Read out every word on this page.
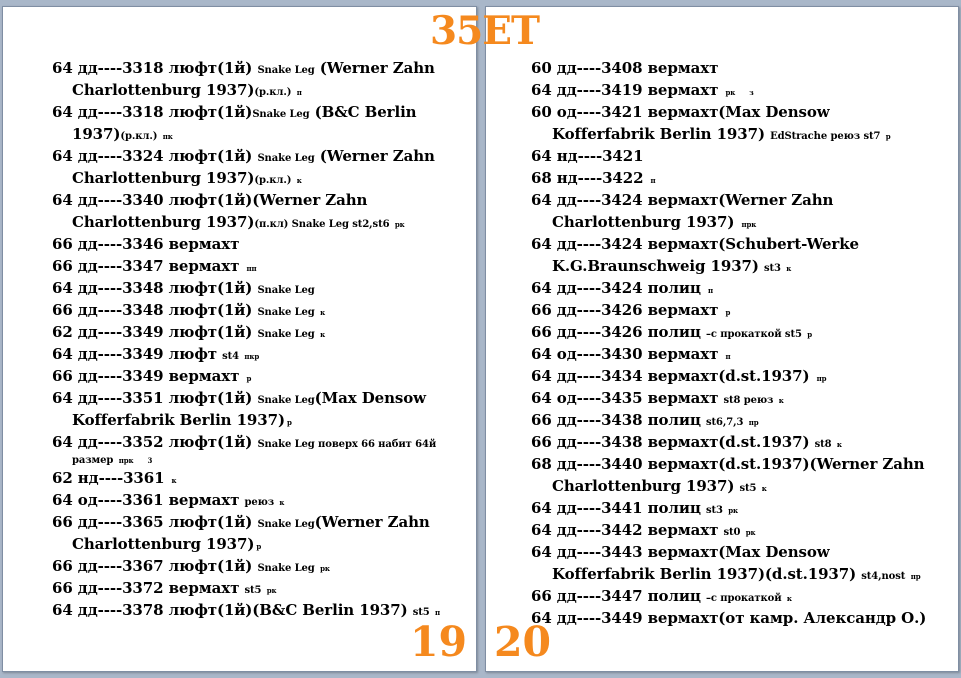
64 дд----3318 люфт(1й) Snake Leg (Werner Zahn
Charlottenburg 1937)(р.кл.) п
64 дд----3318 люфт(1й)Snake Leg (B&C Berlin
1937)(р.кл.) пк
64 дд----3324 люфт(1й) Snake Leg (Werner Zahn
Charlottenburg 1937)(р.кл.) к
64 дд----3340 люфт(1й)(Werner Zahn
Charlottenburg 1937)(п.кл) Snake Leg st2,st6 рк
66 дд----3346 вермахт
66 дд----3347 вермахт пп
64 дд----3348 люфт(1й) Snake Leg
66 дд----3348 люфт(1й) Snake Leg к
62 дд----3349 люфт(1й) Snake Leg к
64 дд----3349 люфт st4 пкр
66 дд----3349 вермахт р
64 дд----3351 люфт(1й) Snake Leg(Max Densow
Kofferfabrik Berlin 1937) р
64 дд----3352 люфт(1й) Snake Leg поверх 66 набит 64й
размер прк 3
62 нд----3361 к
64 од----3361 вермахт реюз к
66 дд----3365 люфт(1й) Snake Leg(Werner Zahn
Charlottenburg 1937) р
66 дд----3367 люфт(1й) Snake Leg рк
66 дд----3372 вермахт st5 рк
64 дд----3378 люфт(1й)(B&C Berlin 1937) st5 п
60 дд----3408 вермахт
64 дд----3419 вермахт рк з
60 од----3421 вермахт(Max Densow
Kofferfabrik Berlin 1937) EdStrache реюз st7 р
64 нд----3421
68 нд----3422 п
64 дд----3424 вермахт(Werner Zahn
Charlottenburg 1937) прк
64 дд----3424 вермахт(Schubert-Werke
K.G.Braunschweig 1937) st3 к
64 дд----3424 полиц п
66 дд----3426 вермахт р
66 дд----3426 полиц –с прокаткой st5 р
64 од----3430 вермахт п
64 дд----3434 вермахт(d.st.1937) пр
64 од----3435 вермахт st8 реюз к
66 дд----3438 полиц st6,7,3 пр
66 дд----3438 вермахт(d.st.1937) st8 к
68 дд----3440 вермахт(d.st.1937)(Werner Zahn
Charlottenburg 1937) st5 к
64 дд----3441 полиц st3 рк
64 дд----3442 вермахт st0 рк
64 дд----3443 вермахт(Max Densow
Kofferfabrik Berlin 1937)(d.st.1937) st4,nost пр
66 дд----3447 полиц –с прокаткой к
64 дд----3449 вермахт(от камр. Александр О.)
35ЕТ
19 20
